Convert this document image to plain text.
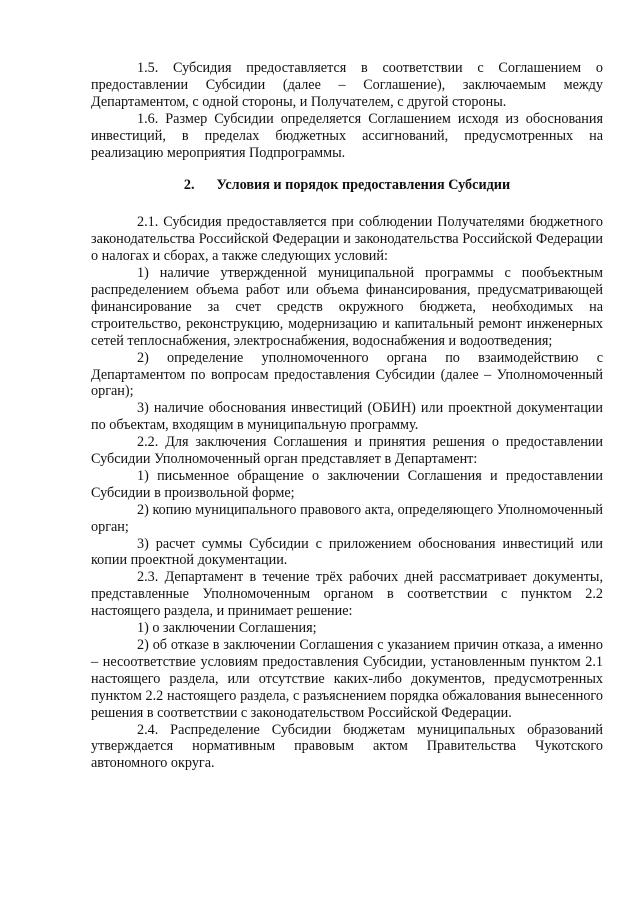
1.5. Субсидия предоставляется в соответствии с Соглашением о предоставлении Субсидии (далее – Соглашение), заключаемым между Департаментом, с одной стороны, и Получателем, с другой стороны.

1.6. Размер Субсидии определяется Соглашением исходя из обоснования инвестиций, в пределах бюджетных ассигнований, предусмотренных на реализацию мероприятия Подпрограммы.

2. Условия и порядок предоставления Субсидии

2.1. Субсидия предоставляется при соблюдении Получателями бюджетного законодательства Российской Федерации и законодательства Российской Федерации о налогах и сборах, а также следующих условий:

1) наличие утвержденной муниципальной программы с пообъектным распределением объема работ или объема финансирования, предусматривающей финансирование за счет средств окружного бюджета, необходимых на строительство, реконструкцию, модернизацию и капитальный ремонт инженерных сетей теплоснабжения, электроснабжения, водоснабжения и водоотведения;

2) определение уполномоченного органа по взаимодействию с Департаментом по вопросам предоставления Субсидии (далее – Уполномоченный орган);

3) наличие обоснования инвестиций (ОБИН) или проектной документации по объектам, входящим в муниципальную программу.

2.2. Для заключения Соглашения и принятия решения о предоставлении Субсидии Уполномоченный орган представляет в Департамент:

1) письменное обращение о заключении Соглашения и предоставлении Субсидии в произвольной форме;

2) копию муниципального правового акта, определяющего Уполномоченный орган;

3) расчет суммы Субсидии с приложением обоснования инвестиций или копии проектной документации.

2.3. Департамент в течение трёх рабочих дней рассматривает документы, представленные Уполномоченным органом в соответствии с пунктом 2.2 настоящего раздела, и принимает решение:

1) о заключении Соглашения;

2) об отказе в заключении Соглашения с указанием причин отказа, а именно – несоответствие условиям предоставления Субсидии, установленным пунктом 2.1 настоящего раздела, или отсутствие каких-либо документов, предусмотренных пунктом 2.2 настоящего раздела, с разъяснением порядка обжалования вынесенного решения в соответствии с законодательством Российской Федерации.

2.4. Распределение Субсидии бюджетам муниципальных образований утверждается нормативным правовым актом Правительства Чукотского автономного округа.
